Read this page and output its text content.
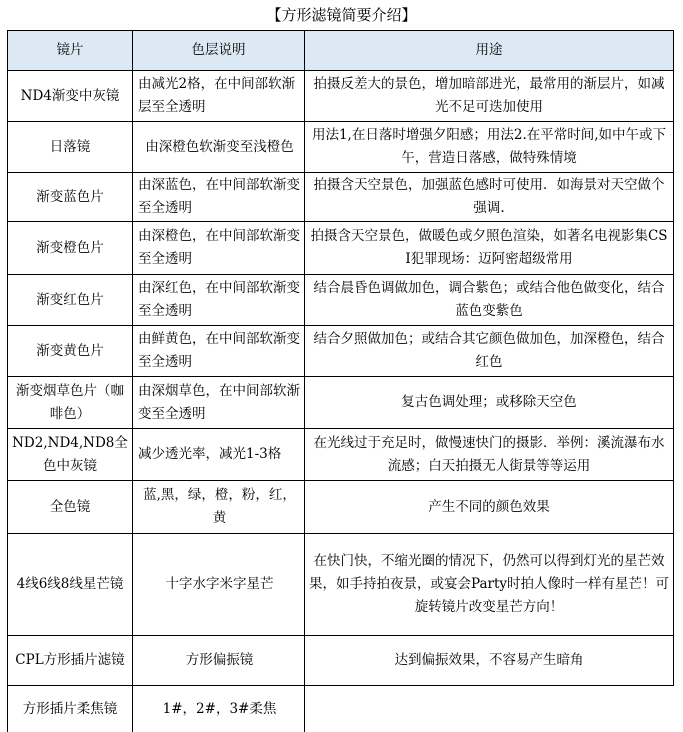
【方形滤镜简要介绍】
镜片	色层说明	用途
ND4渐变中灰镜	由减光2格，在中间部软渐层至全透明	拍摄反差大的景色，增加暗部进光，最常用的渐层片，如减光不足可迭加使用
日落镜	由深橙色软渐变至浅橙色	用法1,在日落时增强夕阳感；用法2.在平常时间,如中午或下午，营造日落感，做特殊情境
渐变蓝色片	由深蓝色，在中间部软渐变至全透明	拍摄含天空景色，加强蓝色感时可使用．如海景对天空做个强调.
渐变橙色片	由深橙色，在中间部软渐变至全透明	拍摄含天空景色，做暖色或夕照色渲染，如著名电视影集CSI犯罪现场：迈阿密超级常用
渐变红色片	由深红色，在中间部软渐变至全透明	结合晨昏色调做加色，调合紫色；或结合他色做变化，结合蓝色变紫色
渐变黄色片	由鲜黄色，在中间部软渐变至全透明	结合夕照做加色；或结合其它颜色做加色，加深橙色，结合红色
渐变烟草色片（咖啡色）	由深烟草色，在中间部软渐变至全透明	复古色调处理；或移除天空色
ND2,ND4,ND8全色中灰镜	减少透光率，减光1-3格	在光线过于充足时，做慢速快门的摄影．举例：溪流瀑布水流感；白天拍摄无人街景等等运用
全色镜	蓝,黑，绿，橙，粉，红，黄	产生不同的颜色效果
4线6线8线星芒镜	十字水字米字星芒	在快门快，不缩光圈的情况下，仍然可以得到灯光的星芒效果，如手持拍夜景，或宴会Party时拍人像时一样有星芒！可旋转镜片改变星芒方向！
CPL方形插片滤镜	方形偏振镜	达到偏振效果，不容易产生暗角
方形插片柔焦镜	1#，2#，3#柔焦	
